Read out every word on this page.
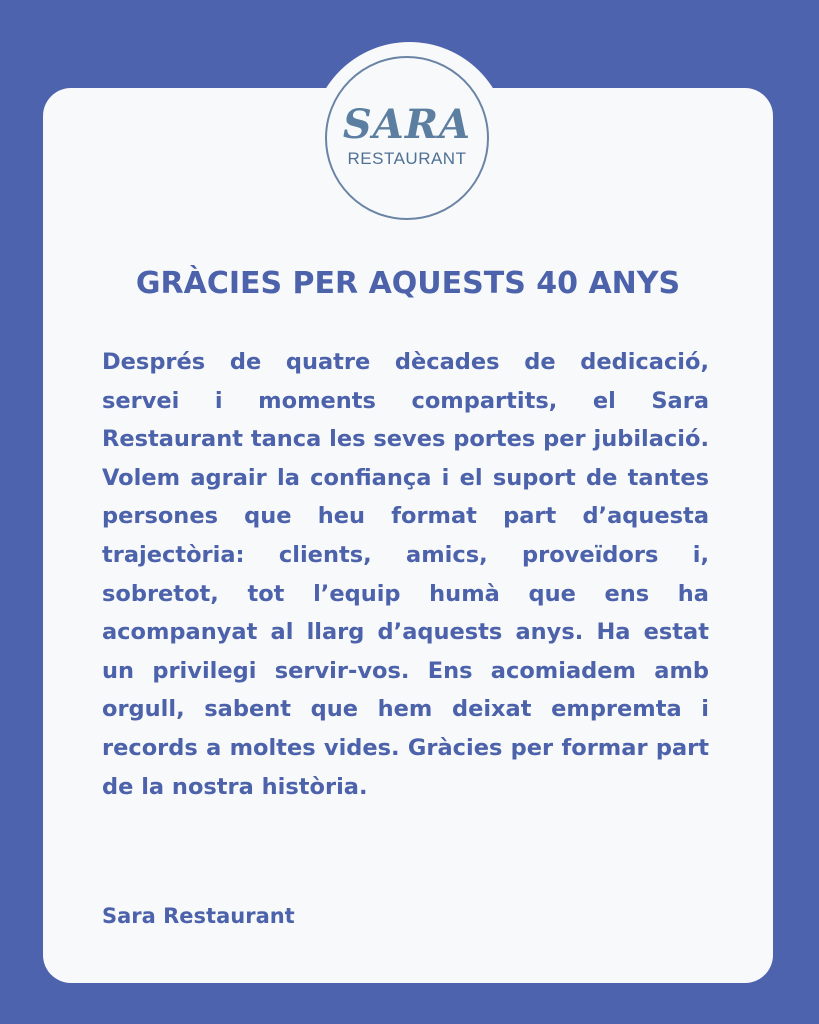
SARA
RESTAURANT
GRÀCIES PER AQUESTS 40 ANYS

Després de quatre dècades de dedicació, servei i moments compartits, el Sara Restaurant tanca les seves portes per jubilació. Volem agrair la confiança i el suport de tantes persones que heu format part d’aquesta trajectòria: clients, amics, proveïdors i, sobretot, tot l’equip humà que ens ha acompanyat al llarg d’aquests anys. Ha estat un privilegi servir-vos. Ens acomiadem amb orgull, sabent que hem deixat empremta i records a moltes vides. Gràcies per formar part de la nostra història.

Sara Restaurant
